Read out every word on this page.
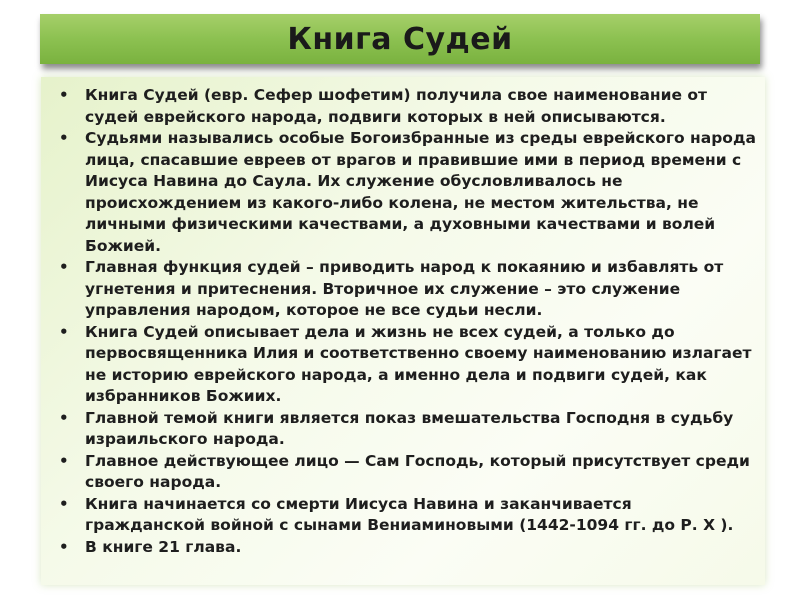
Книга Судей
• Книга Судей (евр. Сефер шофетим) получила свое наименование от судей еврейского народа, подвиги которых в ней описываются.
• Судьями назывались особые Богоизбранные из среды еврейского народа лица, спасавшие евреев от врагов и правившие ими в период времени с Иисуса Навина до Саула. Их служение обусловливалось не происхождением из какого-либо колена, не местом жительства, не личными физическими качествами, а духовными качествами и волей Божией.
• Главная функция судей – приводить народ к покаянию и избавлять от угнетения и притеснения. Вторичное их служение – это служение управления народом, которое не все судьи несли.
• Книга Судей описывает дела и жизнь не всех судей, а только до первосвященника Илия и соответственно своему наименованию излагает не историю еврейского народа, а именно дела и подвиги судей, как избранников Божиих.
• Главной темой книги является показ вмешательства Господня в судьбу израильского народа.
• Главное действующее лицо — Сам Господь, который присутствует среди своего народа.
• Книга начинается со смерти Иисуса Навина и заканчивается гражданской войной с сынами Вениаминовыми (1442-1094 гг. до Р. Х ).
• В книге 21 глава.
